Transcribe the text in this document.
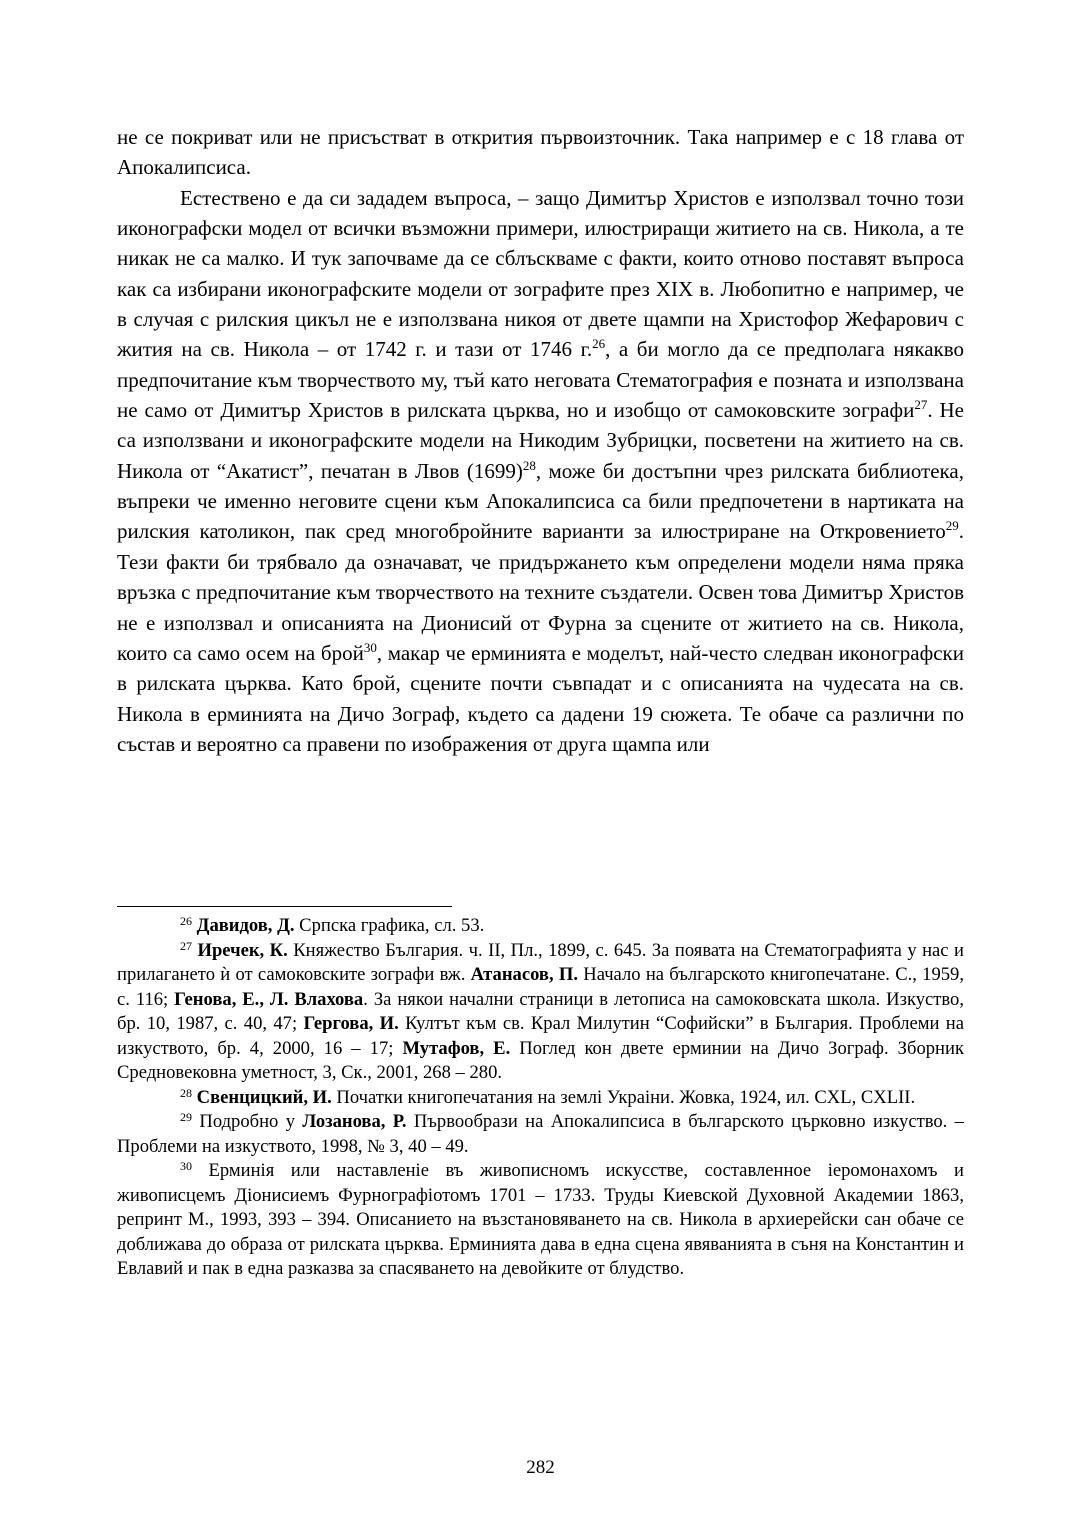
не се покриват или не присъстват в открития първоизточник. Така например е с 18 глава от Апокалипсиса.

Естествено е да си зададем въпроса, – защо Димитър Христов е използвал точно този иконографски модел от всички възможни примери, илюстриращи житието на св. Никола, а те никак не са малко. И тук започваме да се сблъскваме с факти, които отново поставят въпроса как са избирани иконографските модели от зографите през XIX в. Любопитно е например, че в случая с рилския цикъл не е използвана никоя от двете щампи на Христофор Жефарович с жития на св. Никола – от 1742 г. и тази от 1746 г.$^{26}$, а би могло да се предполага някакво предпочитание към творчеството му, тъй като неговата Стематография е позната и използвана не само от Димитър Христов в рилската църква, но и изобщо от самоковските зографи$^{27}$. Не са използвани и иконографските модели на Никодим Зубрицки, посветени на житието на св. Никола от “Акатист”, печатан в Лвов $(1699)^{28}$, може би достъпни чрез рилската библиотека, въпреки че именно неговите сцени към Апокалипсиса са били предпочетени в нартиката на рилския католикон, пак сред многобройните варианти за илюстриране на Откровението$^{29}$. Тези факти би трябвало да означават, че придържането към определени модели няма пряка връзка с предпочитание към творчеството на техните създатели. Освен това Димитър Христов не е използвал и описанията на Дионисий от Фурна за сцените от житието на св. Никола, които са само осем на брой$^{30}$, макар че ерминията е моделът, най-често следван иконографски в рилската църква. Като брой, сцените почти съвпадат и с описанията на чудесата на св. Никола в ерминията на Дичо Зограф, където са дадени 19 сюжета. Те обаче са различни по състав и вероятно са правени по изображения от друга щампа или

$^{26}$ Давидов, Д. Српска графика, сл. 53.

$^{27}$ Иречек, К. Княжество България. ч. II, Пл., 1899, с. 645. За появата на Стематографията у нас и прилагането ѝ от самоковските зографи вж. Атанасов, П. Начало на българското книгопечатане. С., 1959, с. 116; Генова, Е., Л. Влахова. За някои начални страници в летописа на самоковската школа. Изкуство, бр. 10, 1987, с. 40, 47; Гергова, И. Култът към св. Крал Милутин “Софийски” в България. Проблеми на изкуството, бр. 4, 2000, 16 – 17; Мутафов, Е. Поглед кон двете ерминии на Дичо Зограф. Зборник Средновековна уметност, 3, Ск., 2001, 268 – 280.

$^{28}$ Свенцицкий, И. Початки книгопечатания на землі Украіни. Жовка, 1924, ил. CXL, CXLII.

$^{29}$ Подробно у Лозанова, Р. Първообрази на Апокалипсиса в българското църковно изкуство. – Проблеми на изкуството, 1998, № 3, 40 – 49.

$^{30}$ Ерминія или наставленіе въ живописномъ искусстве, составленное іеромонахомъ и живописцемъ Діонисиемъ Фурнографіотомъ 1701 – 1733. Труды Киевской Духовной Академии 1863, репринт М., 1993, 393 – 394. Описанието на възстановяването на св. Никола в архиерейски сан обаче се доближава до образа от рилската църква. Ерминията дава в една сцена явяванията в съня на Константин и Евлавий и пак в една разказва за спасяването на девойките от блудство.

282
